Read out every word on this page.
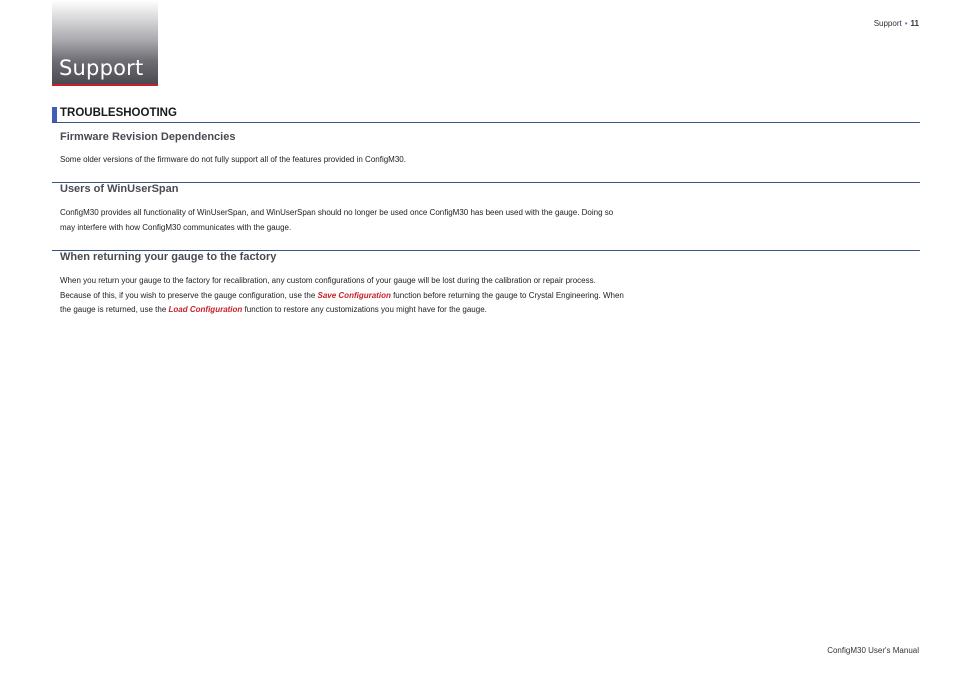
Support
Support • 11
TROUBLESHOOTING
Firmware Revision Dependencies
Some older versions of the firmware do not fully support all of the features provided in ConfigM30.
Users of WinUserSpan
ConfigM30 provides all functionality of WinUserSpan, and WinUserSpan should no longer be used once ConfigM30 has been used with the gauge. Doing so
may interfere with how ConfigM30 communicates with the gauge.
When returning your gauge to the factory
When you return your gauge to the factory for recalibration, any custom configurations of your gauge will be lost during the calibration or repair process.
Because of this, if you wish to preserve the gauge configuration, use the Save Configuration function before returning the gauge to Crystal Engineering. When
the gauge is returned, use the Load Configuration function to restore any customizations you might have for the gauge.
ConfigM30 User's Manual
